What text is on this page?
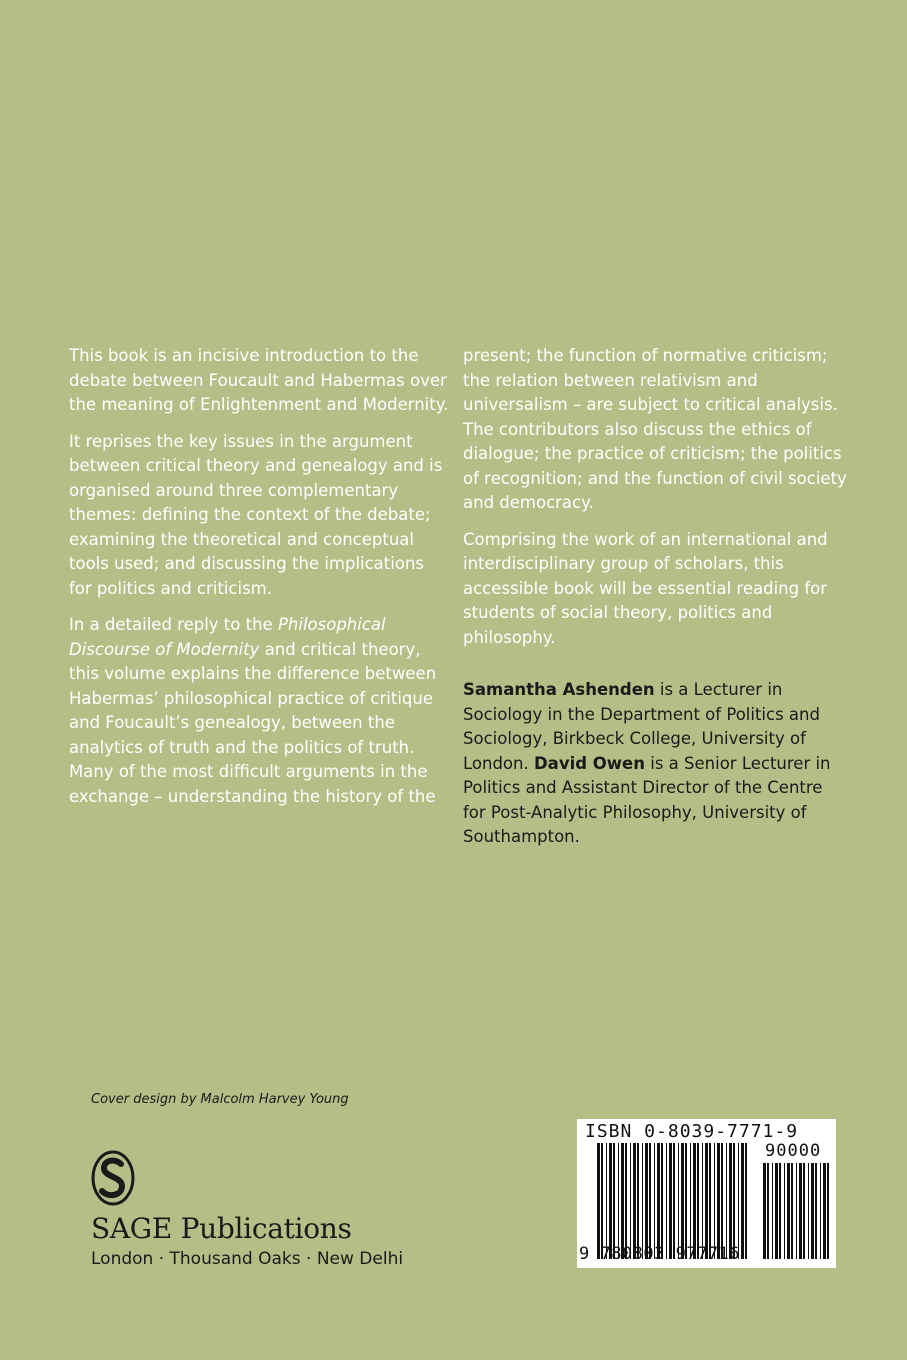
This book is an incisive introduction to the debate between Foucault and Habermas over the meaning of Enlightenment and Modernity.

It reprises the key issues in the argument between critical theory and genealogy and is organised around three complementary themes: defining the context of the debate; examining the theoretical and conceptual tools used; and discussing the implications for politics and criticism.

In a detailed reply to the Philosophical Discourse of Modernity and critical theory, this volume explains the difference between Habermas’ philosophical practice of critique and Foucault’s genealogy, between the analytics of truth and the politics of truth. Many of the most difficult arguments in the exchange – understanding the history of the

present; the function of normative criticism; the relation between relativism and universalism – are subject to critical analysis. The contributors also discuss the ethics of dialogue; the practice of criticism; the politics of recognition; and the function of civil society and democracy.

Comprising the work of an international and interdisciplinary group of scholars, this accessible book will be essential reading for students of social theory, politics and philosophy.

Samantha Ashenden is a Lecturer in Sociology in the Department of Politics and Sociology, Birkbeck College, University of London. David Owen is a Senior Lecturer in Politics and Assistant Director of the Centre for Post-Analytic Philosophy, University of Southampton.

Cover design by Malcolm Harvey Young
SAGE Publications
London · Thousand Oaks · New Delhi
ISBN 0-8039-7771-9
90000
9 780803 977716
